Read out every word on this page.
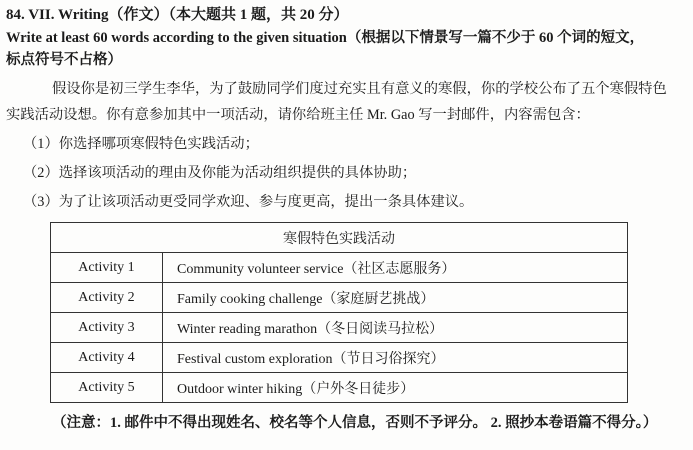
84. VII. Writing（作文）（本大题共 1 题，共 20 分）
Write at least 60 words according to the given situation（根据以下情景写一篇不少于 60 个词的短文，
标点符号不占格）
假设你是初三学生李华，为了鼓励同学们度过充实且有意义的寒假，你的学校公布了五个寒假特色
实践活动设想。你有意参加其中一项活动，请你给班主任 Mr. Gao 写一封邮件，内容需包含：
（1）你选择哪项寒假特色实践活动；
（2）选择该项活动的理由及你能为活动组织提供的具体协助；
（3）为了让该项活动更受同学欢迎、参与度更高，提出一条具体建议。
寒假特色实践活动	
Activity 1	Community volunteer service（社区志愿服务）
Activity 2	Family cooking challenge（家庭厨艺挑战）
Activity 3	Winter reading marathon（冬日阅读马拉松）
Activity 4	Festival custom exploration（节日习俗探究）
Activity 5	Outdoor winter hiking（户外冬日徒步）
（注意：1. 邮件中不得出现姓名、校名等个人信息，否则不予评分。 2. 照抄本卷语篇不得分。）
